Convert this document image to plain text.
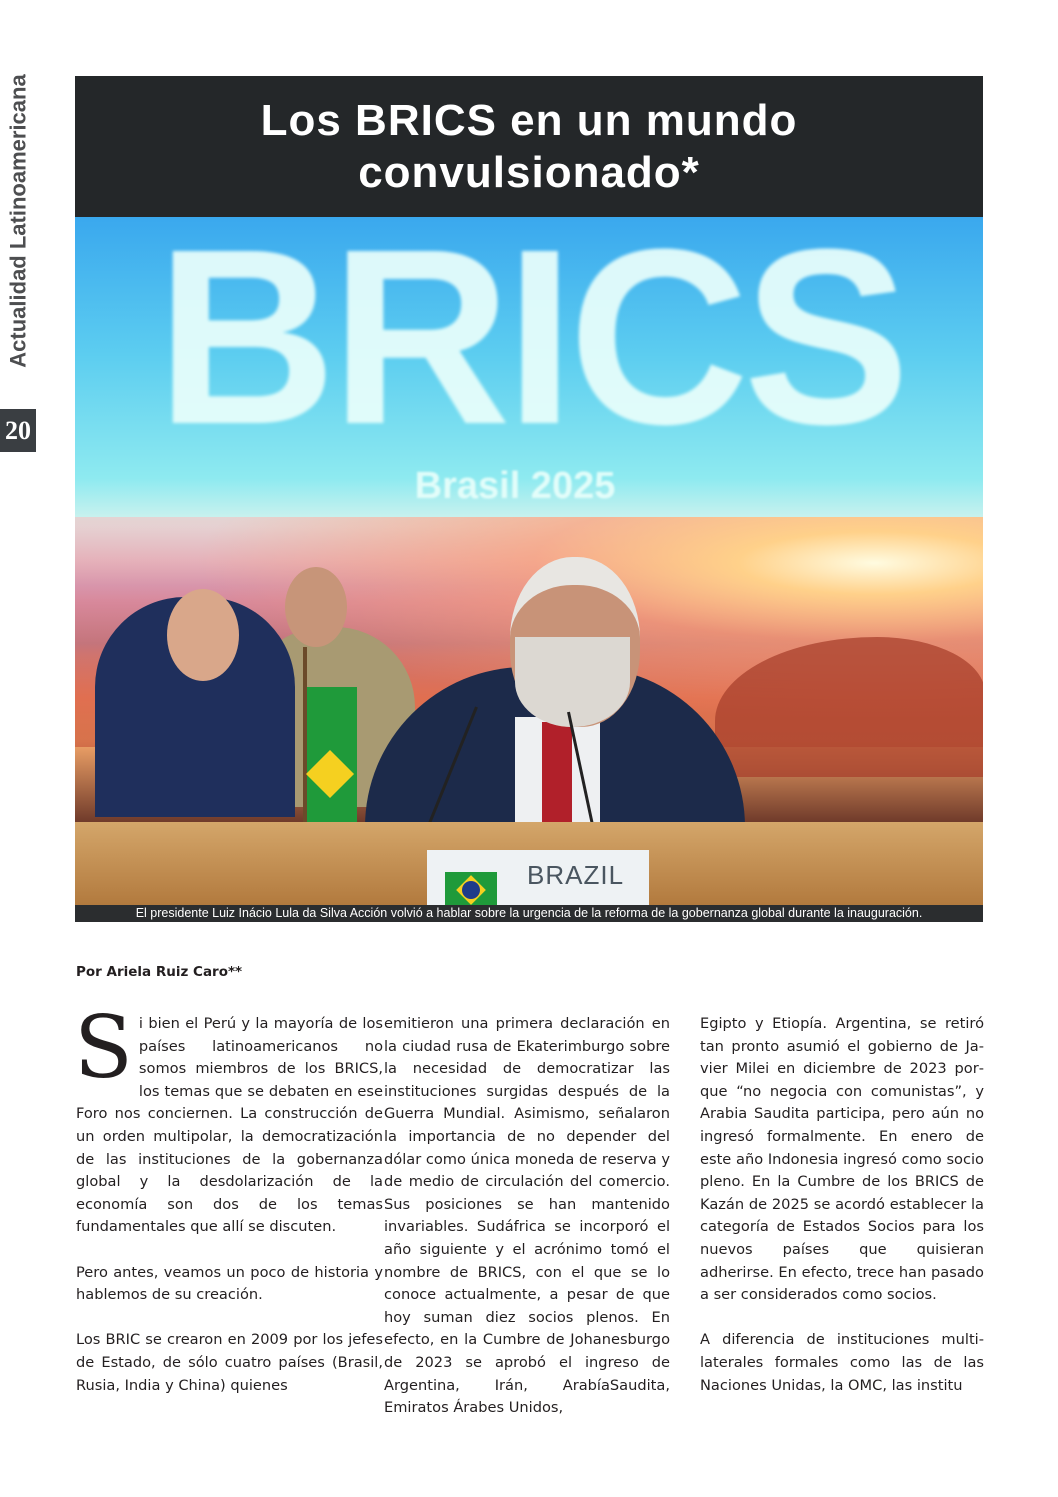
Actualidad Latinoamericana
20
Los BRICS en un mundo convulsionado*
BRICS
Brasil 2025
BRAZIL
El presidente Luiz Inácio Lula da Silva Acción volvió a hablar sobre la urgencia de la reforma de la gobernanza global durante la inauguración.
Por Ariela Ruiz Caro**

Si bien el Perú y la mayoría de los países latinoamericanos no somos miembros de los BRICS, los temas que se debaten en ese Foro nos conciernen. La construcción de un orden multipolar, la democratización de las instituciones de la gobernanza global y la desdolarización de la economía son dos de los temas fundamentales que allí se discuten.

Pero antes, veamos un poco de historia y hablemos de su creación.

Los BRIC se crearon en 2009 por los jefes de Estado, de sólo cuatro países (Brasil, Rusia, India y China) quienes

emitieron una primera declaración en la ciudad rusa de Ekaterimburgo sobre la necesidad de democratizar las instituciones surgidas después de la Guerra Mundial. Asimismo, señalaron la importancia de no depender del dólar como única moneda de reserva y de medio de circulación del comercio. Sus posiciones se han mantenido invariables. Sudáfrica se incorporó el año siguiente y el acrónimo tomó el nombre de BRICS, con el que se lo conoce actualmente, a pesar de que hoy suman diez socios plenos. En efecto, en la Cumbre de Johanesburgo de 2023 se aprobó el ingreso de Argentina, Irán, ArabíaSaudita, Emiratos Árabes Unidos,

Egipto y Etiopía. Argentina, se retiró tan pronto asumió el gobierno de Javier Milei en diciembre de 2023 porque “no negocia con comunistas”, y Arabia Saudita participa, pero aún no ingresó formalmente. En enero de este año Indonesia ingresó como socio pleno. En la Cumbre de los BRICS de Kazán de 2025 se acordó establecer la categoría de Estados Socios para los nuevos países que quisieran adherirse. En efecto, trece han pasado a ser considerados como socios.

A diferencia de instituciones multilaterales formales como las de las Naciones Unidas, la OMC, las institu
